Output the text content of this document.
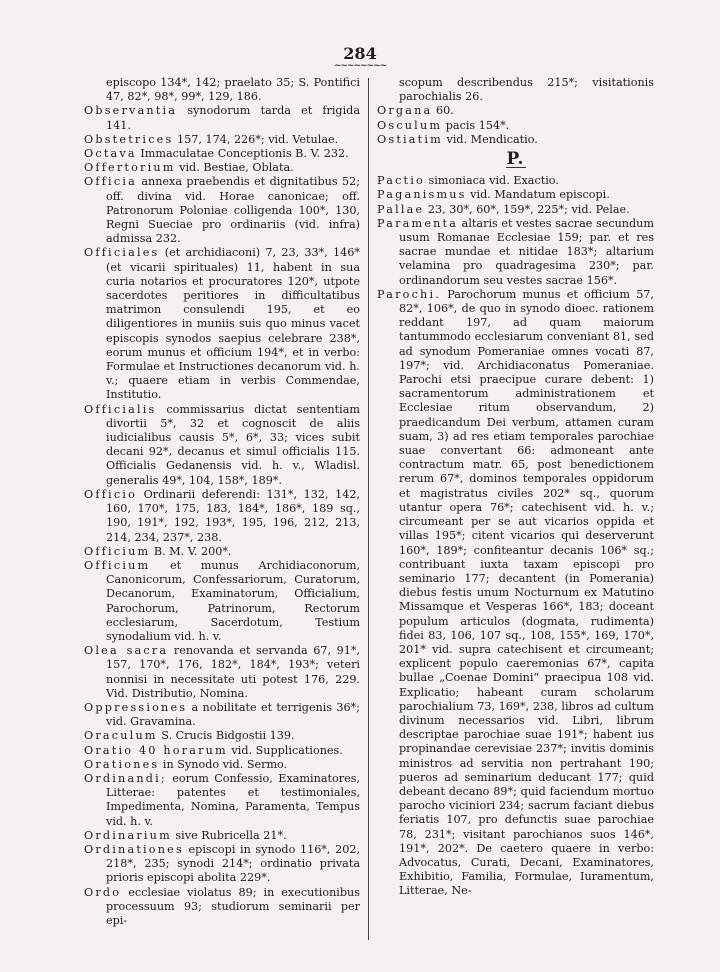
284
~~~~~~~~

episcopo 134*, 142; praelato 35; S. Pontifici 47, 82*, 98*, 99*, 129, 186.

Observantia synodorum tarda et frigida 141.

Obstetrices 157, 174, 226*; vid. Vetulae.

Octava Immaculatae Conceptionis B. V. 232.

Offertorium vid. Bestiae, Oblata.

Officia annexa praebendis et dignitatibus 52; off. divina vid. Horae canonicae; off. Patronorum Poloniae colligenda 100*, 130, Regni Sueciae pro ordinariis (vid. infra) admissa 232.

Officiales (et archidiaconi) 7, 23, 33*, 146* (et vicarii spirituales) 11, habent in sua curia notarios et procuratores 120*, utpote sacerdotes peritiores in difficultatibus matrimon consulendi 195, et eo diligentiores in muniis suis quo minus vacet episcopis synodos saepius celebrare 238*, eorum munus et officium 194*, et in verbo: Formulae et Instructiones decanorum vid. h. v.; quaere etiam in verbis Commendae, Institutio.

Officialis commissarius dictat sententiam divortii 5*, 32 et cognoscit de aliis iudicialibus causis 5*, 6*, 33; vices subit decani 92*, decanus et simul officialis 115. Officialis Gedanensis vid. h. v., Wladisl. generalis 49*, 104, 158*, 189*.

Officio Ordinarii deferendi: 131*, 132, 142, 160, 170*, 175, 183, 184*, 186*, 189 sq., 190, 191*, 192, 193*, 195, 196, 212, 213, 214, 234, 237*, 238.

Officium B. M. V. 200*.

Officium et munus Archidiaconorum, Canonicorum, Confessariorum, Curatorum, Decanorum, Examinatorum, Officialium, Parochorum, Patrinorum, Rectorum ecclesiarum, Sacerdotum, Testium synodalium vid. h. v.

Olea sacra renovanda et servanda 67, 91*, 157, 170*, 176, 182*, 184*, 193*; veteri nonnisi in necessitate uti potest 176, 229. Vid. Distributio, Nomina.

Oppressiones a nobilitate et terrigenis 36*; vid. Gravamina.

Oraculum S. Crucis Bidgostii 139.

Oratio 40 horarum vid. Supplicationes.

Orationes in Synodo vid. Sermo.

Ordinandi; eorum Confessio, Examinatores, Litterae: patentes et testimoniales, Impedimenta, Nomina, Paramenta, Tempus vid. h. v.

Ordinarium sive Rubricella 21*.

Ordinationes episcopi in synodo 116*, 202, 218*, 235; synodi 214*; ordinatio privata prioris episcopi abolita 229*.

Ordo ecclesiae violatus 89; in executionibus processuum 93; studiorum seminarii per epi-

scopum describendus 215*; visitationis parochialis 26.

Organa 60.

Osculum pacis 154*.

Ostiatim vid. Mendicatio.

P.

Pactio simoniaca vid. Exactio.

Paganismus vid. Mandatum episcopi.

Pallae 23, 30*, 60*, 159*, 225*; vid. Pelae.

Paramenta altaris et vestes sacrae secundum usum Romanae Ecclesiae 159; par. et res sacrae mundae et nitidae 183*; altarium velamina pro quadragesima 230*; par. ordinandorum seu vestes sacrae 156*.

Parochi. Parochorum munus et officium 57, 82*, 106*, de quo in synodo dioec. rationem reddant 197, ad quam maiorum tantummodo ecclesiarum conveniant 81, sed ad synodum Pomeraniae omnes vocati 87, 197*; vid. Archidiaconatus Pomeraniae. Parochi etsi praecipue curare debent: 1) sacramentorum administrationem et Ecclesiae ritum observandum, 2) praedicandum Dei verbum, attamen curam suam, 3) ad res etiam temporales parochiae suae convertant 66: admoneant ante contractum matr. 65, post benedictionem rerum 67*, dominos temporales oppidorum et magistratus civiles 202* sq., quorum utantur opera 76*; catechisent vid. h. v.; circumeant per se aut vicarios oppida et villas 195*; citent vicarios qui deserverunt 160*, 189*; confiteantur decanis 106* sq.; contribuant iuxta taxam episcopi pro seminario 177; decantent (in Pomerania) diebus festis unum Nocturnum ex Matutino Missamque et Vesperas 166*, 183; doceant populum articulos (dogmata, rudimenta) fidei 83, 106, 107 sq., 108, 155*, 169, 170*, 201* vid. supra catechisent et circumeant; explicent populo caeremonias 67*, capita bullae „Coenae Domini“ praecipua 108 vid. Explicatio; habeant curam scholarum parochialium 73, 169*, 238, libros ad cultum divinum necessarios vid. Libri, librum descriptae parochiae suae 191*; habent ius propinandae cerevisiae 237*; invitis dominis ministros ad servitia non pertrahant 190; pueros ad seminarium deducant 177; quid debeant decano 89*; quid faciendum mortuo parocho viciniori 234; sacrum faciant diebus feriatis 107, pro defunctis suae parochiae 78, 231*; visitant parochianos suos 146*, 191*, 202*. De caetero quaere in verbo: Advocatus, Curati, Decani, Examinatores, Exhibitio, Familia, Formulae, Iuramentum, Litterae, Ne-
